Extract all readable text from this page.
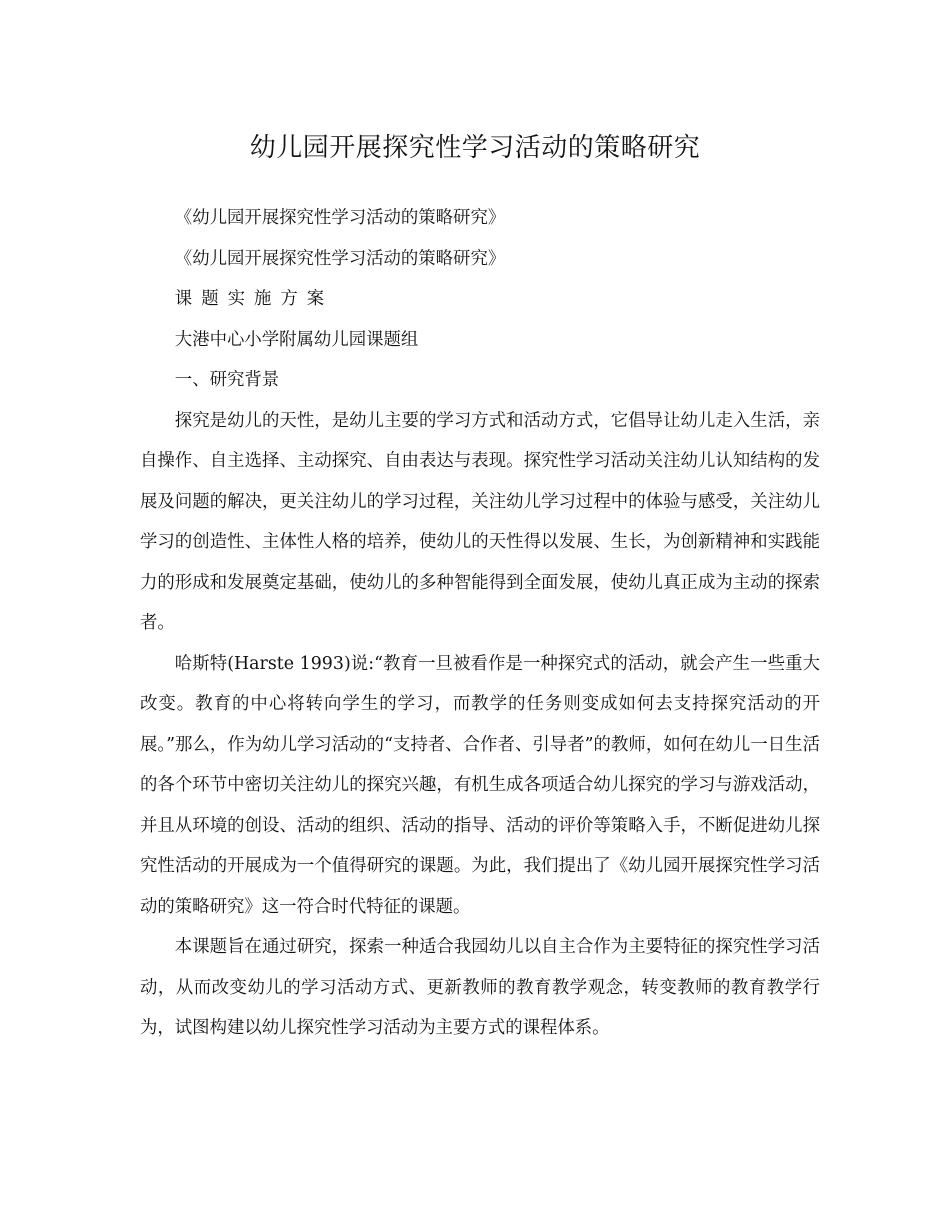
幼儿园开展探究性学习活动的策略研究

《幼儿园开展探究性学习活动的策略研究》

《幼儿园开展探究性学习活动的策略研究》

课题实施方案

大港中心小学附属幼儿园课题组

一、研究背景

探究是幼儿的天性，是幼儿主要的学习方式和活动方式，它倡导让幼儿走入生活，亲自操作、自主选择、主动探究、自由表达与表现。探究性学习活动关注幼儿认知结构的发展及问题的解决，更关注幼儿的学习过程，关注幼儿学习过程中的体验与感受，关注幼儿学习的创造性、主体性人格的培养，使幼儿的天性得以发展、生长，为创新精神和实践能力的形成和发展奠定基础，使幼儿的多种智能得到全面发展，使幼儿真正成为主动的探索者。

哈斯特(Harste 1993)说:“教育一旦被看作是一种探究式的活动，就会产生一些重大改变。教育的中心将转向学生的学习，而教学的任务则变成如何去支持探究活动的开展。”那么，作为幼儿学习活动的“支持者、合作者、引导者”的教师，如何在幼儿一日生活的各个环节中密切关注幼儿的探究兴趣，有机生成各项适合幼儿探究的学习与游戏活动，并且从环境的创设、活动的组织、活动的指导、活动的评价等策略入手，不断促进幼儿探究性活动的开展成为一个值得研究的课题。为此，我们提出了《幼儿园开展探究性学习活动的策略研究》这一符合时代特征的课题。

本课题旨在通过研究，探索一种适合我园幼儿以自主合作为主要特征的探究性学习活动，从而改变幼儿的学习活动方式、更新教师的教育教学观念，转变教师的教育教学行为，试图构建以幼儿探究性学习活动为主要方式的课程体系。
